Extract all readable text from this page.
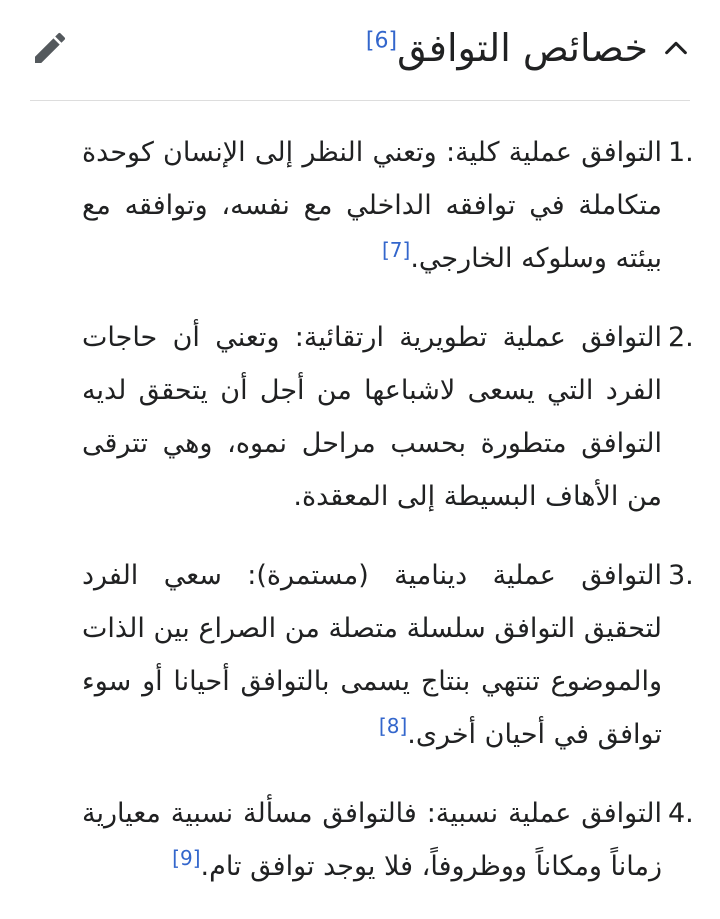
خصائص التوافق[6]
1.
التوافق عملية كلية: وتعني النظر إلى الإنسان كوحدة متكاملة في توافقه الداخلي مع نفسه، وتوافقه مع بيئته وسلوكه الخارجي.[7]
2.
التوافق عملية تطويرية ارتقائية: وتعني أن حاجات الفرد التي يسعى لاشباعها من أجل أن يتحقق لديه التوافق متطورة بحسب مراحل نموه، وهي تترقى من الأهاف البسيطة إلى المعقدة.
3.
التوافق عملية دينامية (مستمرة): سعي الفرد لتحقيق التوافق سلسلة متصلة من الصراع بين الذات والموضوع تنتهي بنتاج يسمى بالتوافق أحيانا أو سوء توافق في أحيان أخرى.[8]
4.
التوافق عملية نسبية: فالتوافق مسألة نسبية معيارية زماناً ومكاناً ووظروفاً، فلا يوجد توافق تام.[9]
